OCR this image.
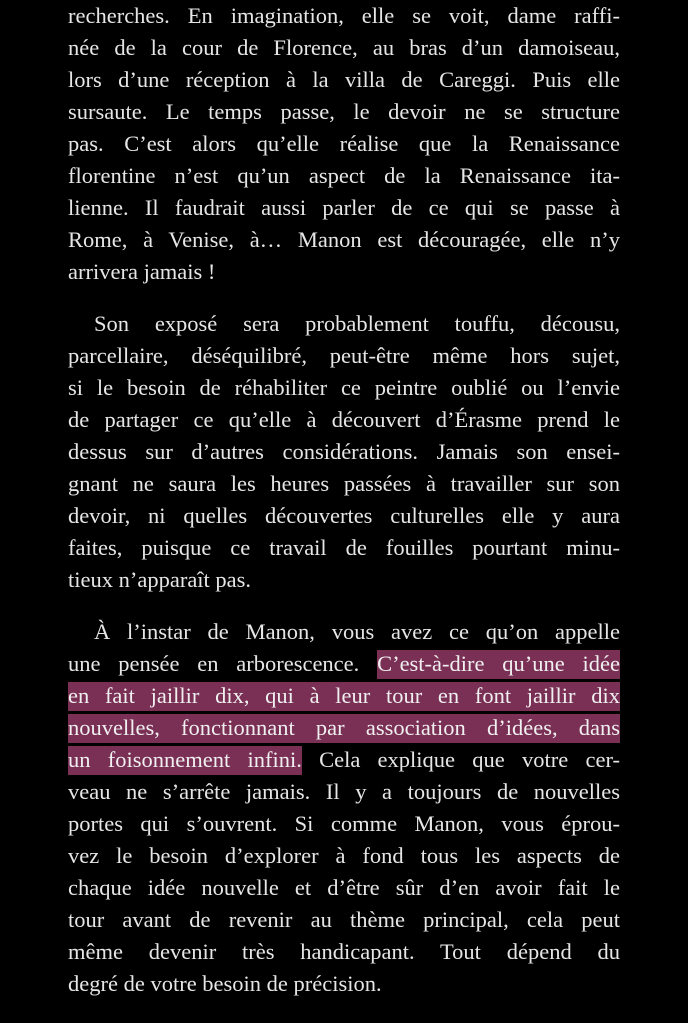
recherches. En imagination, elle se voit, dame raffi-
née de la cour de Florence, au bras d’un damoiseau,
lors d’une réception à la villa de Careggi. Puis elle
sursaute. Le temps passe, le devoir ne se structure
pas. C’est alors qu’elle réalise que la Renaissance
florentine n’est qu’un aspect de la Renaissance ita-
lienne. Il faudrait aussi parler de ce qui se passe à
Rome, à Venise, à… Manon est découragée, elle n’y
arrivera jamais !
Son exposé sera probablement touffu, décousu,
parcellaire, déséquilibré, peut-être même hors sujet,
si le besoin de réhabiliter ce peintre oublié ou l’envie
de partager ce qu’elle à découvert d’Érasme prend le
dessus sur d’autres considérations. Jamais son ensei-
gnant ne saura les heures passées à travailler sur son
devoir, ni quelles découvertes culturelles elle y aura
faites, puisque ce travail de fouilles pourtant minu-
tieux n’apparaît pas.
À l’instar de Manon, vous avez ce qu’on appelle
une pensée en arborescence. C’est-à-dire qu’une idée
en fait jaillir dix, qui à leur tour en font jaillir dix
nouvelles, fonctionnant par association d’idées, dans
un foisonnement infini. Cela explique que votre cer-
veau ne s’arrête jamais. Il y a toujours de nouvelles
portes qui s’ouvrent. Si comme Manon, vous éprou-
vez le besoin d’explorer à fond tous les aspects de
chaque idée nouvelle et d’être sûr d’en avoir fait le
tour avant de revenir au thème principal, cela peut
même devenir très handicapant. Tout dépend du
degré de votre besoin de précision.
